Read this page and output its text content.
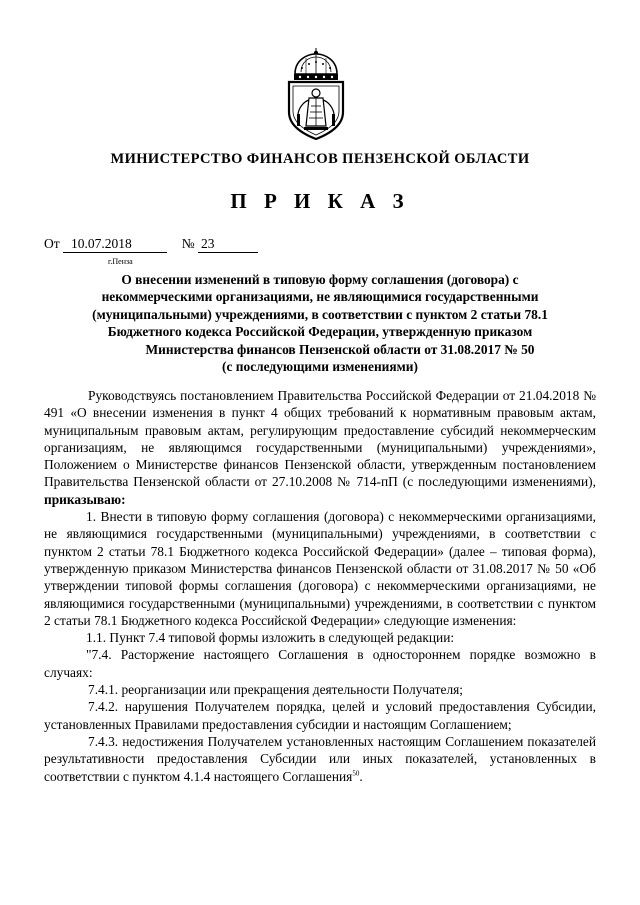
МИНИСТЕРСТВО ФИНАНСОВ ПЕНЗЕНСКОЙ ОБЛАСТИ
П Р И К А З
От 10.07.2018	№ 23
г.Пенза
О внесении изменений в типовую форму соглашения (договора) с
некоммерческими организациями, не являющимися государственными
(муниципальными) учреждениями, в соответствии с пунктом 2 статьи 78.1
Бюджетного кодекса Российской Федерации, утвержденную приказом
Министерства финансов Пензенской области от 31.08.2017 № 50
(с последующими изменениями)

Руководствуясь постановлением Правительства Российской Федерации от 21.04.2018 № 491 «О внесении изменения в пункт 4 общих требований к нормативным правовым актам, муниципальным правовым актам, регулирующим предоставление субсидий некоммерческим организациям, не являющимся государственными (муниципальными) учреждениями», Положением о Министерстве финансов Пензенской области, утвержденным постановлением Правительства Пензенской области от 27.10.2008 № 714-пП (с последующими изменениями), приказываю:

1. Внести в типовую форму соглашения (договора) с некоммерческими организациями, не являющимися государственными (муниципальными) учреждениями, в соответствии с пунктом 2 статьи 78.1 Бюджетного кодекса Российской Федерации» (далее – типовая форма), утвержденную приказом Министерства финансов Пензенской области от 31.08.2017 № 50 «Об утверждении типовой формы соглашения (договора) с некоммерческими организациями, не являющимися государственными (муниципальными) учреждениями, в соответствии с пунктом 2 статьи 78.1 Бюджетного кодекса Российской Федерации» следующие изменения:

1.1. Пункт 7.4 типовой формы изложить в следующей редакции:

"7.4. Расторжение настоящего Соглашения в одностороннем порядке возможно в случаях:

7.4.1. реорганизации или прекращения деятельности Получателя;

7.4.2. нарушения Получателем порядка, целей и условий предоставления Субсидии, установленных Правилами предоставления субсидии и настоящим Соглашением;

7.4.3. недостижения Получателем установленных настоящим Соглашением показателей результативности предоставления Субсидии или иных показателей, установленных в соответствии с пунктом 4.1.4 настоящего Соглашения$^{50}$.
